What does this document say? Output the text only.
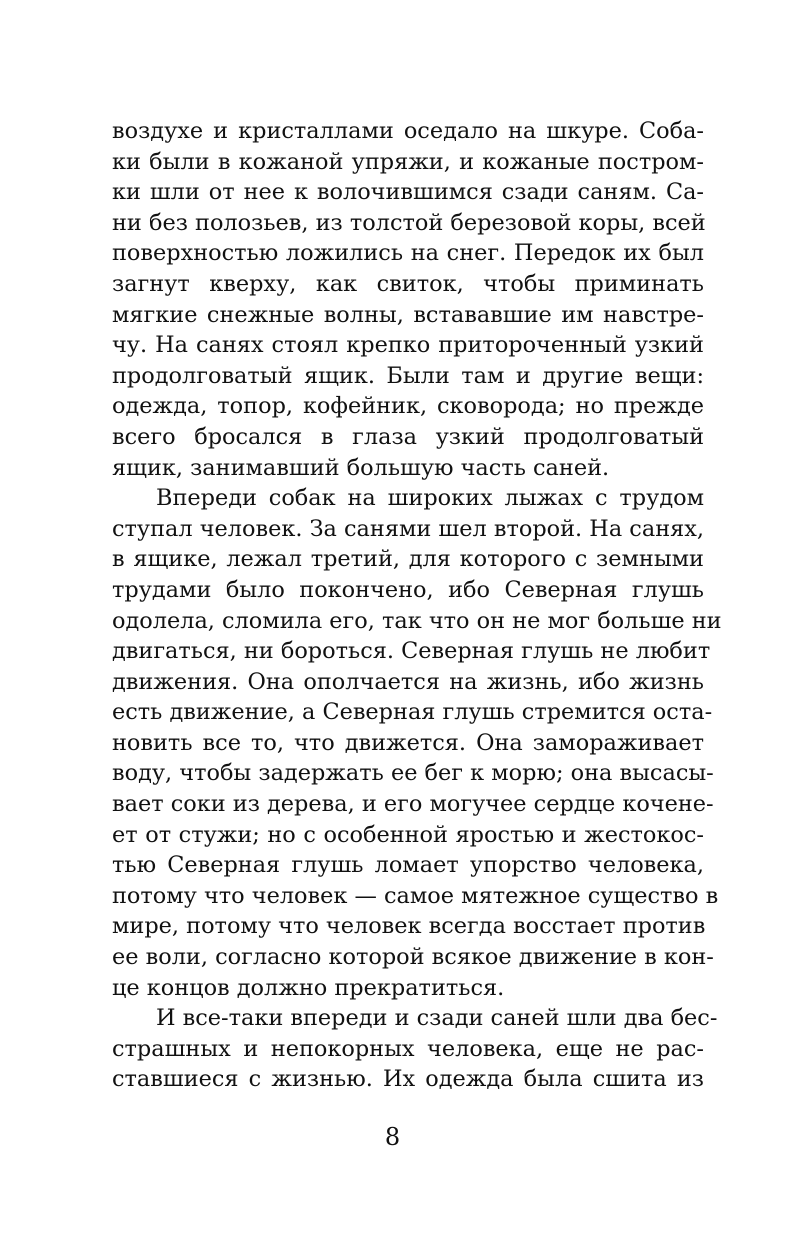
воздухе и кристаллами оседало на шкуре. Соба-
ки были в кожаной упряжи, и кожаные постром-
ки шли от нее к волочившимся сзади саням. Са-
ни без полозьев, из толстой березовой коры, всей
поверхностью ложились на снег. Передок их был
загнут кверху, как свиток, чтобы приминать
мягкие снежные волны, встававшие им навстре-
чу. На санях стоял крепко приторoченный узкий
продолговатый ящик. Были там и другие вещи:
одежда, топор, кофейник, сковорода; но прежде
всего бросался в глаза узкий продолговатый
ящик, занимавший большую часть саней.
Впереди собак на широких лыжах с трудом
ступал человек. За санями шел второй. На санях,
в ящике, лежал третий, для которого с земными
трудами было покончено, ибо Северная глушь
одолела, сломила его, так что он не мог больше ни
двигаться, ни бороться. Северная глушь не любит
движения. Она ополчается на жизнь, ибо жизнь
есть движение, а Северная глушь стремится оста-
новить все то, что движется. Она замораживает
воду, чтобы задержать ее бег к морю; она высасы-
вает соки из дерева, и его могучее сердце кочене-
ет от стужи; но с особенной яростью и жестокос-
тью Северная глушь ломает упорство человека,
потому что человек — самое мятежное существо в
мире, потому что человек всегда восстает против
ее воли, согласно которой всякое движение в кон-
це концов должно прекратиться.
И все-таки впереди и сзади саней шли два бес-
страшных и непокорных человека, еще не рас-
ставшиеся с жизнью. Их одежда была сшита из
8
